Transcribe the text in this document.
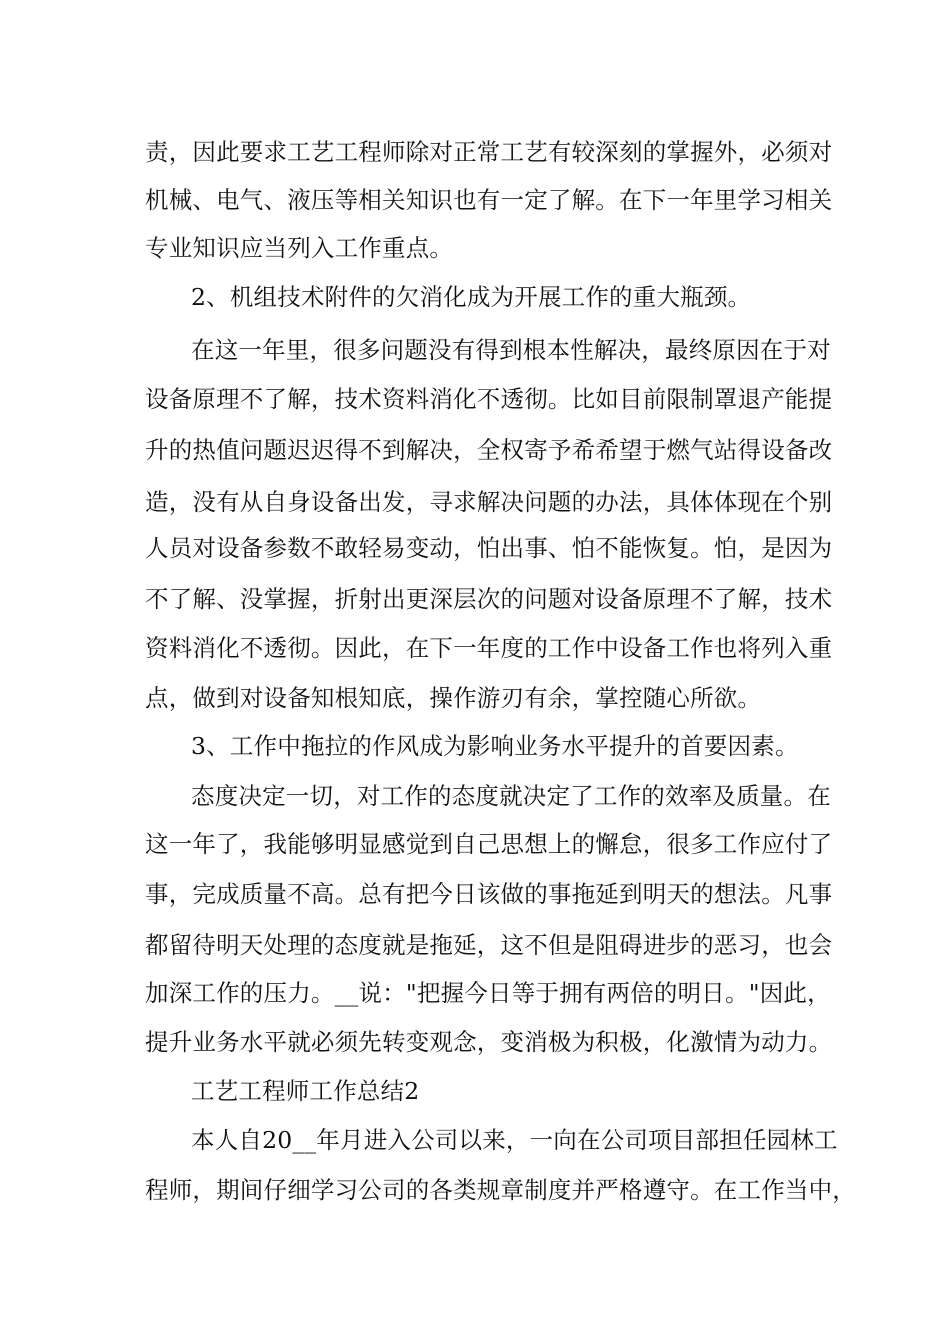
责，因此要求工艺工程师除对正常工艺有较深刻的掌握外，必须对
机械、电气、液压等相关知识也有一定了解。在下一年里学习相关
专业知识应当列入工作重点。
2、机组技术附件的欠消化成为开展工作的重大瓶颈。
在这一年里，很多问题没有得到根本性解决，最终原因在于对
设备原理不了解，技术资料消化不透彻。比如目前限制罩退产能提
升的热值问题迟迟得不到解决，全权寄予希希望于燃气站得设备改
造，没有从自身设备出发，寻求解决问题的办法，具体体现在个别
人员对设备参数不敢轻易变动，怕出事、怕不能恢复。怕，是因为
不了解、没掌握，折射出更深层次的问题对设备原理不了解，技术
资料消化不透彻。因此，在下一年度的工作中设备工作也将列入重
点，做到对设备知根知底，操作游刃有余，掌控随心所欲。
3、工作中拖拉的作风成为影响业务水平提升的首要因素。
态度决定一切，对工作的态度就决定了工作的效率及质量。在
这一年了，我能够明显感觉到自己思想上的懈怠，很多工作应付了
事，完成质量不高。总有把今日该做的事拖延到明天的想法。凡事
都留待明天处理的态度就是拖延，这不但是阻碍进步的恶习，也会
加深工作的压力。__说："把握今日等于拥有两倍的明日。"因此，
提升业务水平就必须先转变观念，变消极为积极，化激情为动力。
工艺工程师工作总结2
本人自20__年月进入公司以来，一向在公司项目部担任园林工
程师，期间仔细学习公司的各类规章制度并严格遵守。在工作当中，
